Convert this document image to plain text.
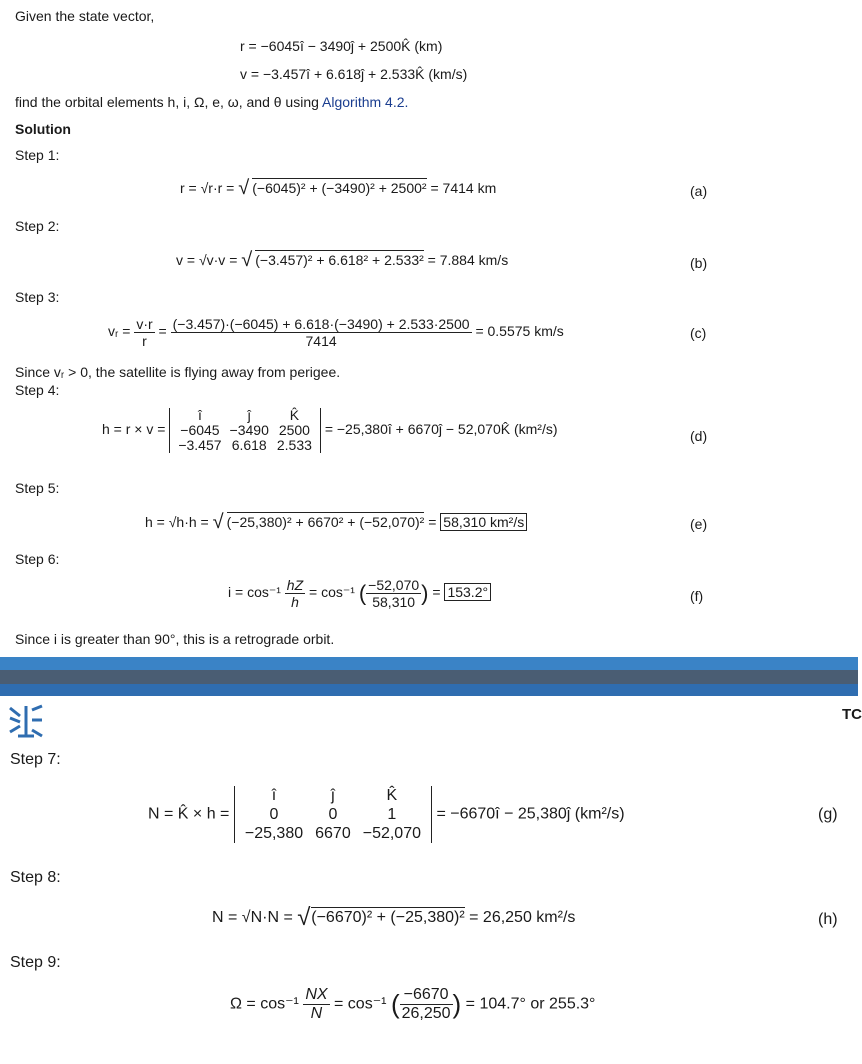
Given the state vector,
r = −6045î − 3490ĵ + 2500K̂ (km)
v = −3.457î + 6.618ĵ + 2.533K̂ (km/s)
find the orbital elements h, i, Ω, e, ω, and θ using Algorithm 4.2.
Solution
Step 1:
r = √r·r = √ (−6045)² + (−3490)² + 2500² = 7414 km	(a)
Step 2:
v = √v·v = √ (−3.457)² + 6.618² + 2.533² = 7.884 km/s	(b)
Step 3:
vᵣ = $\frac{v\cdot r}{r} = \frac{(-3.457)\cdot(-6045) + 6.618\cdot(-3490) + 2.533\cdot 2500}{7414} = 0.5575$ km/s	(c)
Since vᵣ > 0, the satellite is flying away from perigee.
Step 4:
h = r × v =
î	ĵ	K̂
−6045	−3490	2500
−3.457	6.618	2.533
= −25,380î + 6670ĵ − 52,070K̂ (km²/s)	(d)
Step 5:
h = √h·h = √ (−25,380)² + 6670² + (−52,070)² = 58,310 km²/s	(e)
Step 6:
$i = \cos^{-1} \frac{hZ}{h} = \cos^{-1}$ ( $\frac{-52,070}{58,310}$ ) = 153.2°	(f)
Since i is greater than 90°, this is a retrograde orbit.
TC
Step 7:
N = K̂ × h =
î	ĵ	K̂
0	0	1
−25,380	6670	−52,070
= −6670î − 25,380ĵ (km²/s)	(g)
Step 8:
N = √N·N = √ (−6670)² + (−25,380)² = 26,250 km²/s	(h)
Step 9:
$\Omega = \cos^{-1} \frac{NX}{N} = \cos^{-1}$ ( $\frac{-6670}{26,250}$ ) = 104.7° or 255.3°
